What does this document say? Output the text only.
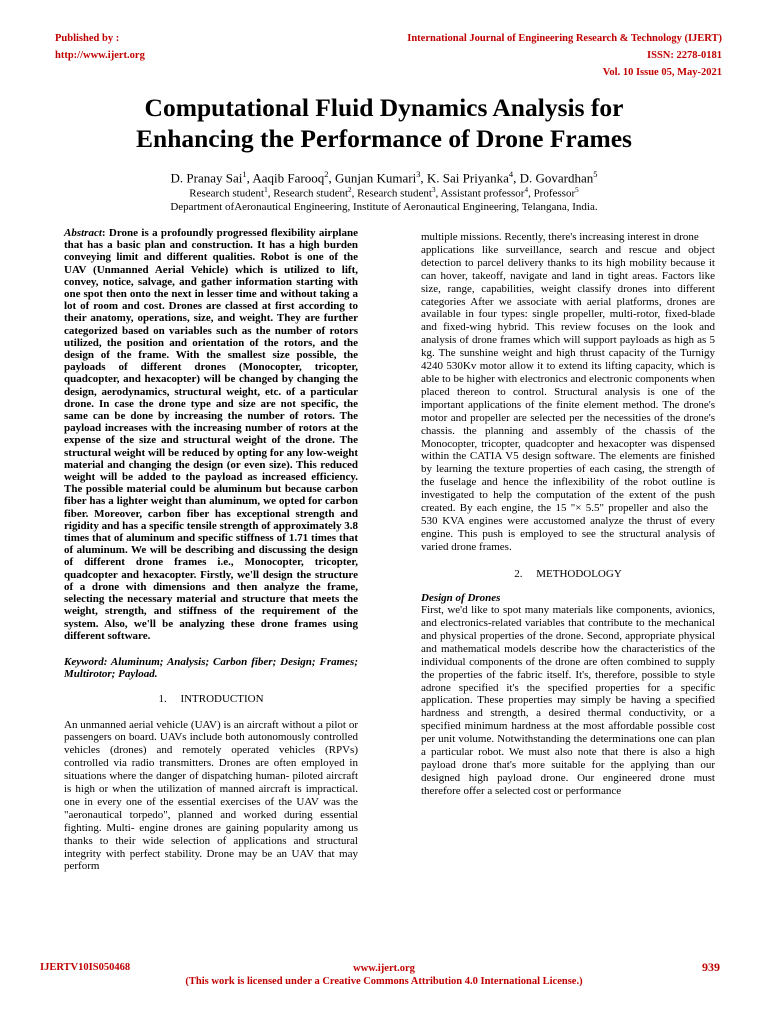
Published by :
http://www.ijert.org
International Journal of Engineering Research & Technology (IJERT)
ISSN: 2278-0181
Vol. 10 Issue 05, May-2021
Computational Fluid Dynamics Analysis for
Enhancing the Performance of Drone Frames
D. Pranay Sai$^1$, Aaqib Farooq$^2$, Gunjan Kumari$^3$, K. Sai Priyanka$^4$, D. Govardhan$^5$
Research student$^1$, Research student$^2$, Research student$^3$, Assistant professor$^4$, Professor$^5$
Department ofAeronautical Engineering, Institute of Aeronautical Engineering, Telangana, India.

Abstract: Drone is a profoundly progressed flexibility airplane that has a basic plan and construction. It has a high burden conveying limit and different qualities. Robot is one of the UAV (Unmanned Aerial Vehicle) which is utilized to lift, convey, notice, salvage, and gather information starting with one spot then onto the next in lesser time and without taking a lot of room and cost. Drones are classed at first according to their anatomy, operations, size, and weight. They are further categorized based on variables such as the number of rotors utilized, the position and orientation of the rotors, and the design of the frame. With the smallest size possible, the payloads of different drones (Monocopter, tricopter, quadcopter, and hexacopter) will be changed by changing the design, aerodynamics, structural weight, etc. of a particular drone. In case the drone type and size are not specific, the same can be done by increasing the number of rotors. The payload increases with the increasing number of rotors at the expense of the size and structural weight of the drone. The structural weight will be reduced by opting for any low-weight material and changing the design (or even size). This reduced weight will be added to the payload as increased efficiency. The possible material could be aluminum but because carbon fiber has a lighter weight than aluminum, we opted for carbon fiber. Moreover, carbon fiber has exceptional strength and rigidity and has a specific tensile strength of approximately 3.8 times that of aluminum and specific stiffness of 1.71 times that of aluminum. We will be describing and discussing the design of different drone frames i.e., Monocopter, tricopter, quadcopter and hexacopter. Firstly, we'll design the structure of a drone with dimensions and then analyze the frame, selecting the necessary material and structure that meets the weight, strength, and stiffness of the requirement of the system. Also, we'll be analyzing these drone frames using different software.

Keyword: Aluminum; Analysis; Carbon fiber; Design; Frames; Multirotor; Payload.

1.     INTRODUCTION

An unmanned aerial vehicle (UAV) is an aircraft without a pilot or passengers on board. UAVs include both autonomously controlled vehicles (drones) and remotely operated vehicles (RPVs) controlled via radio transmitters. Drones are often employed in situations where the danger of dispatching human- piloted aircraft is high or when the utilization of manned aircraft is impractical. one in every one of the essential exercises of the UAV was the "aeronautical torpedo", planned and worked during essential fighting. Multi- engine drones are gaining popularity among us thanks to their wide selection of applications and structural integrity with perfect stability. Drone may be an UAV that may perform

multiple missions. Recently, there's increasing interest in drone
applications like surveillance, search and rescue and object detection to parcel delivery thanks to its high mobility because it can hover, takeoff, navigate and land in tight areas. Factors like size, range, capabilities, weight classify drones into different categories After we associate with aerial platforms, drones are available in four types: single propeller, multi-rotor, fixed-blade and fixed-wing hybrid. This review focuses on the look and analysis of drone frames which will support payloads as high as 5 kg. The sunshine weight and high thrust capacity of the Turnigy 4240 530Kv motor allow it to extend its lifting capacity, which is able to be higher with electronics and electronic components when placed thereon to control. Structural analysis is one of the important applications of the finite element method. The drone's motor and propeller are selected per the necessities of the drone's chassis. the planning and assembly of the chassis of the Monocopter, tricopter, quadcopter and hexacopter was dispensed within the CATIA V5 design software. The elements are finished by learning the texture properties of each casing, the strength of the fuselage and hence the inflexibility of the robot outline is investigated to help the computation of the extent of the push created. By each engine, the 15 "× 5.5" propeller and also the   530 KVA engines were accustomed analyze the thrust of every engine. This push is employed to see the structural analysis of varied drone frames.

2.     METHODOLOGY

Design of Drones

First, we'd like to spot many materials like components, avionics, and electronics-related variables that contribute to the mechanical and physical properties of the drone. Second, appropriate physical and mathematical models describe how the characteristics of the individual components of the drone are often combined to supply the properties of the fabric itself. It's, therefore, possible to style adrone specified it's the specified properties for a specific application. These properties may simply be having a specified hardness and strength, a desired thermal conductivity, or a specified minimum hardness at the most affordable possible cost per unit volume. Notwithstanding the determinations one can plan a particular robot. We must also note that there is also a high payload drone that's more suitable for the applying than our designed high payload drone. Our engineered drone must therefore offer a selected cost or performance

IJERTV10IS050468	www.ijert.org	939
(This work is licensed under a Creative Commons Attribution 4.0 International License.)
